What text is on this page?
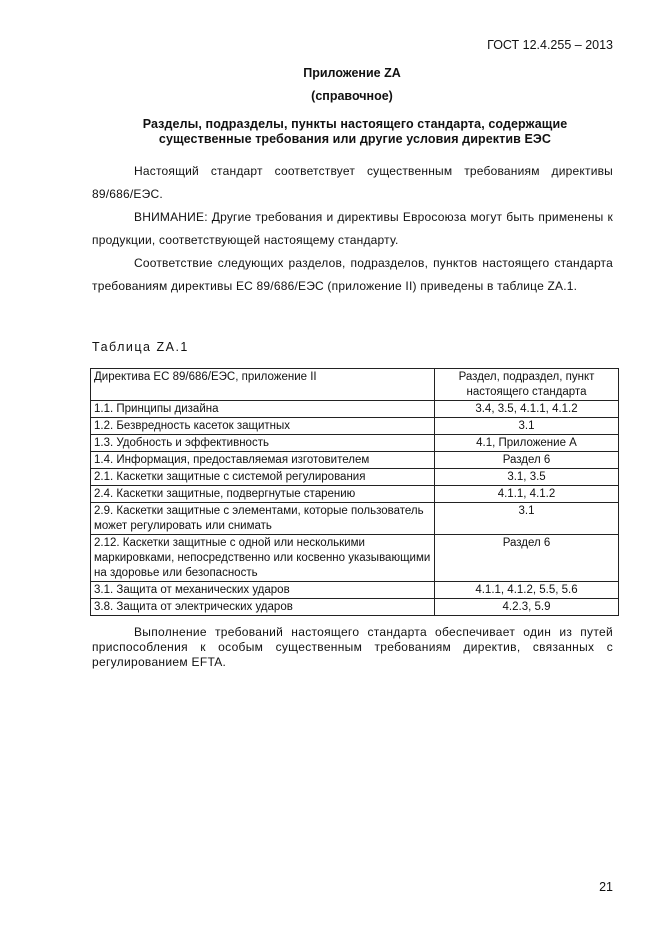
ГОСТ 12.4.255 – 2013
Приложение ZA
(справочное)
Разделы, подразделы, пункты настоящего стандарта, содержащие
существенные требования или другие условия директив ЕЭС

Настоящий стандарт соответствует существенным требованиям директивы 89/686/ЕЭС.

ВНИМАНИЕ: Другие требования и директивы Евросоюза могут быть применены к продукции, соответствующей настоящему стандарту.

Соответствие следующих разделов, подразделов, пунктов настоящего стандарта требованиям директивы ЕС 89/686/ЕЭС (приложение II) приведены в таблице ZA.1.

Таблица ZA.1
Директива ЕС 89/686/ЕЭС, приложение II	Раздел, подраздел, пункт настоящего стандарта
1.1. Принципы дизайна	3.4, 3.5, 4.1.1, 4.1.2
1.2. Безвредность касеток защитных	3.1
1.3. Удобность и эффективность	4.1, Приложение А
1.4. Информация, предоставляемая изготовителем	Раздел 6
2.1. Каскетки защитные с системой регулирования	3.1, 3.5
2.4. Каскетки защитные, подвергнутые старению	4.1.1, 4.1.2
2.9. Каскетки защитные с элементами, которые пользователь может регулировать или снимать	3.1
2.12. Каскетки защитные с одной или несколькими маркировками, непосредственно или косвенно указывающими на здоровье или безопасность	Раздел 6
3.1. Защита от механических ударов	4.1.1, 4.1.2, 5.5, 5.6
3.8. Защита от электрических ударов	4.2.3, 5.9

Выполнение требований настоящего стандарта обеспечивает один из путей приспособления к особым существенным требованиям директив, связанных с регулированием EFTA.

21
